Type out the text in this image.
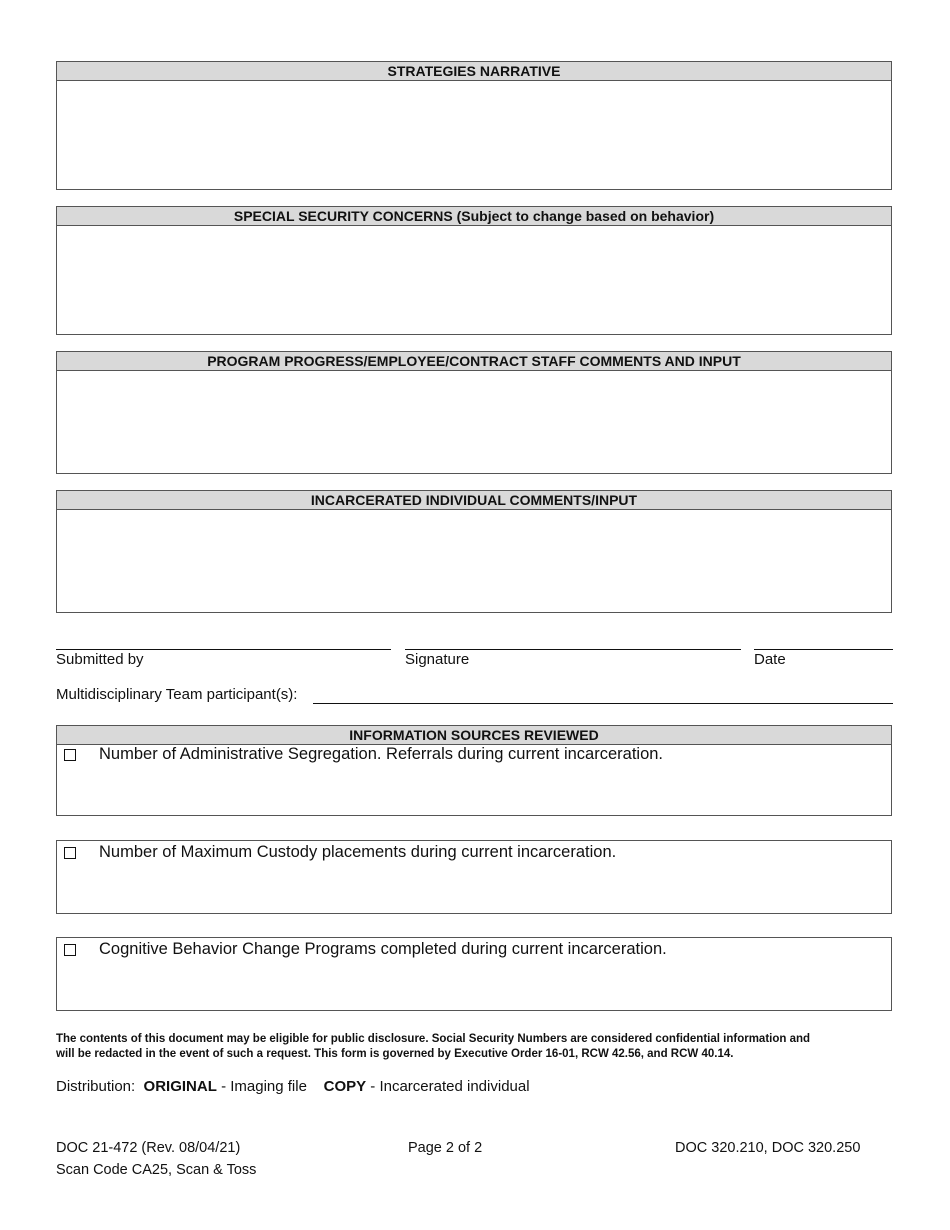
STRATEGIES NARRATIVE
SPECIAL SECURITY CONCERNS (Subject to change based on behavior)
PROGRAM PROGRESS/EMPLOYEE/CONTRACT STAFF COMMENTS AND INPUT
INCARCERATED INDIVIDUAL COMMENTS/INPUT
Submitted by	Signature	Date
Multidisciplinary Team participant(s):
INFORMATION SOURCES REVIEWED
Number of Administrative Segregation. Referrals during current incarceration.
Number of Maximum Custody placements during current incarceration.
Cognitive Behavior Change Programs completed during current incarceration.
The contents of this document may be eligible for public disclosure. Social Security Numbers are considered confidential information and
will be redacted in the event of such a request. This form is governed by Executive Order 16-01, RCW 42.56, and RCW 40.14.
Distribution: ORIGINAL - Imaging file COPY - Incarcerated individual
DOC 21-472 (Rev. 08/04/21)
Scan Code CA25, Scan & Toss
Page 2 of 2	DOC 320.210, DOC 320.250
